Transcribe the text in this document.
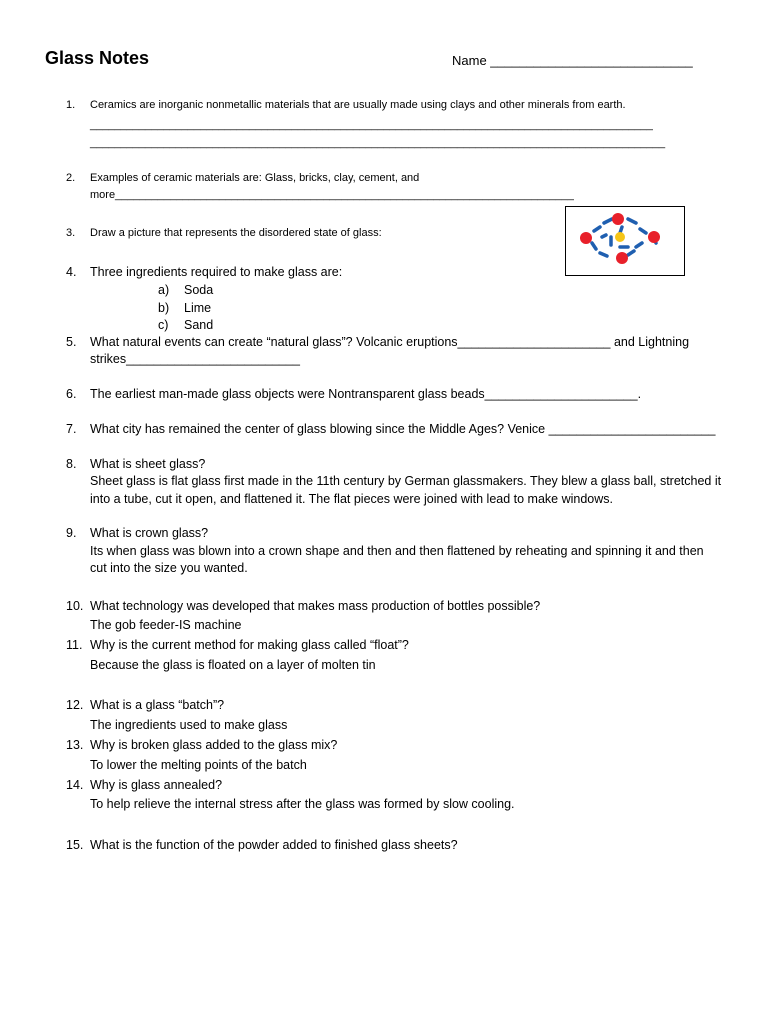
Glass Notes	Name ____________________________
1. Ceramics are inorganic nonmetallic materials that are usually made using clays and other minerals from earth.
____________________________________________________________________________________________
______________________________________________________________________________________________
2. Examples of ceramic materials are: Glass, bricks, clay, cement, and
more___________________________________________________________________________
3. Draw a picture that represents the disordered state of glass:
4. Three ingredients required to make glass are:
a) Soda
b) Lime
c) Sand
5. What natural events can create “natural glass”? Volcanic eruptions______________________ and Lightning
strikes_________________________
6. The earliest man-made glass objects were Nontransparent glass beads______________________.
7. What city has remained the center of glass blowing since the Middle Ages? Venice ________________________
8. What is sheet glass?
Sheet glass is flat glass first made in the 11th century by German glassmakers. They blew a glass ball, stretched it
into a tube, cut it open, and flattened it. The flat pieces were joined with lead to make windows.
9. What is crown glass?
Its when glass was blown into a crown shape and then and then flattened by reheating and spinning it and then
cut into the size you wanted.
10. What technology was developed that makes mass production of bottles possible?
The gob feeder-IS machine
11. Why is the current method for making glass called “float”?
Because the glass is floated on a layer of molten tin
12. What is a glass “batch”?
The ingredients used to make glass
13. Why is broken glass added to the glass mix?
To lower the melting points of the batch
14. Why is glass annealed?
To help relieve the internal stress after the glass was formed by slow cooling.
15. What is the function of the powder added to finished glass sheets?
